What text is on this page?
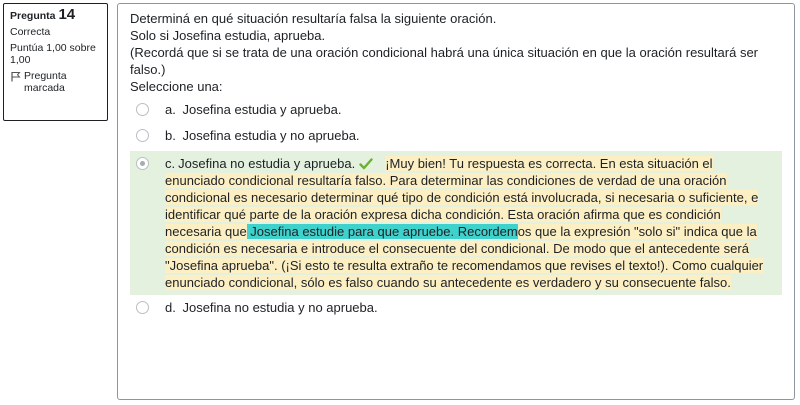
Pregunta 14
Correcta
Puntúa 1,00 sobre 1,00
Pregunta marcada

Determiná en qué situación resultaría falsa la siguiente oración.

Solo si Josefina estudia, aprueba.

(Recordá que si se trata de una oración condicional habrá una única situación en que la oración resultará ser falso.)

Seleccione una:
a. Josefina estudia y aprueba.
b. Josefina estudia y no aprueba.
c. Josefina no estudia y aprueba. ¡Muy bien! Tu respuesta es correcta. En esta situación el enunciado condicional resultaría falso. Para determinar las condiciones de verdad de una oración condicional es necesario determinar qué tipo de condición está involucrada, si necesaria o suficiente, e identificar qué parte de la oración expresa dicha condición. Esta oración afirma que es condición necesaria que Josefina estudie para que apruebe. Recordemos que la expresión "solo si" indica que la condición es necesaria e introduce el consecuente del condicional. De modo que el antecedente será "Josefina aprueba". (¡Si esto te resulta extraño te recomendamos que revises el texto!). Como cualquier enunciado condicional, sólo es falso cuando su antecedente es verdadero y su consecuente falso.
d. Josefina no estudia y no aprueba.
